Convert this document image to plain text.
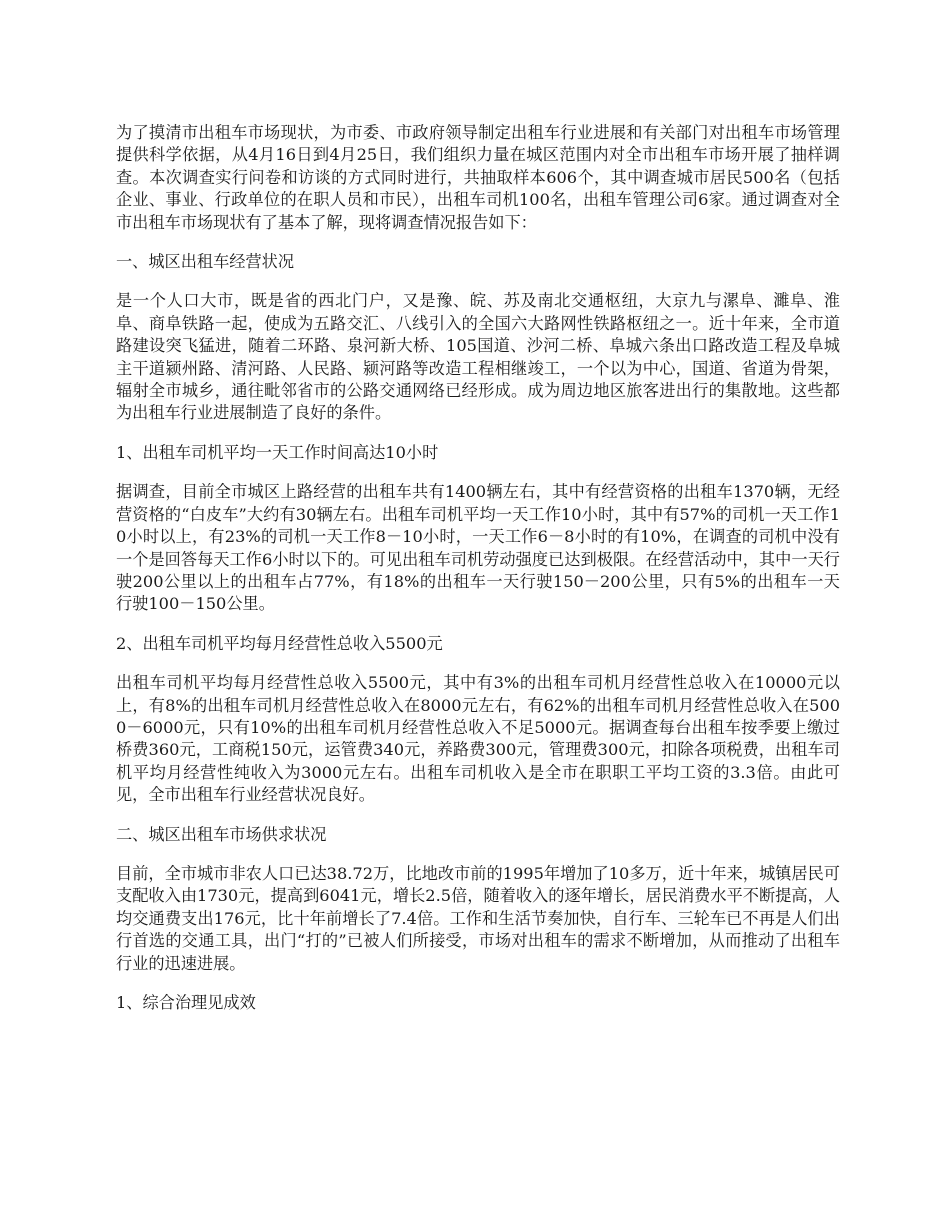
为了摸清市出租车市场现状，为市委、市政府领导制定出租车行业进展和有关部门对出租车市场管理提供科学依据，从4月16日到4月25日，我们组织力量在城区范围内对全市出租车市场开展了抽样调查。本次调查实行问卷和访谈的方式同时进行，共抽取样本606个，其中调查城市居民500名（包括企业、事业、行政单位的在职人员和市民），出租车司机100名，出租车管理公司6家。通过调查对全市出租车市场现状有了基本了解，现将调查情况报告如下：

一、城区出租车经营状况

是一个人口大市，既是省的西北门户，又是豫、皖、苏及南北交通枢纽，大京九与漯阜、濉阜、淮阜、商阜铁路一起，使成为五路交汇、八线引入的全国六大路网性铁路枢纽之一。近十年来，全市道路建设突飞猛进，随着二环路、泉河新大桥、105国道、沙河二桥、阜城六条出口路改造工程及阜城主干道颍州路、清河路、人民路、颍河路等改造工程相继竣工，一个以为中心，国道、省道为骨架，辐射全市城乡，通往毗邻省市的公路交通网络已经形成。成为周边地区旅客进出行的集散地。这些都为出租车行业进展制造了良好的条件。

1、出租车司机平均一天工作时间高达10小时

据调查，目前全市城区上路经营的出租车共有1400辆左右，其中有经营资格的出租车1370辆，无经营资格的“白皮车”大约有30辆左右。出租车司机平均一天工作10小时，其中有57%的司机一天工作10小时以上，有23%的司机一天工作8－10小时，一天工作6－8小时的有10%，在调查的司机中没有一个是回答每天工作6小时以下的。可见出租车司机劳动强度已达到极限。在经营活动中，其中一天行驶200公里以上的出租车占77%，有18%的出租车一天行驶150－200公里，只有5%的出租车一天行驶100－150公里。

2、出租车司机平均每月经营性总收入5500元

出租车司机平均每月经营性总收入5500元，其中有3%的出租车司机月经营性总收入在10000元以上，有8%的出租车司机月经营性总收入在8000元左右，有62%的出租车司机月经营性总收入在5000－6000元，只有10%的出租车司机月经营性总收入不足5000元。据调查每台出租车按季要上缴过桥费360元，工商税150元，运管费340元，养路费300元，管理费300元，扣除各项税费，出租车司机平均月经营性纯收入为3000元左右。出租车司机收入是全市在职职工平均工资的3.3倍。由此可见，全市出租车行业经营状况良好。

二、城区出租车市场供求状况

目前，全市城市非农人口已达38.72万，比地改市前的1995年增加了10多万，近十年来，城镇居民可支配收入由1730元，提高到6041元，增长2.5倍，随着收入的逐年增长，居民消费水平不断提高，人均交通费支出176元，比十年前增长了7.4倍。工作和生活节奏加快，自行车、三轮车已不再是人们出行首选的交通工具，出门“打的”已被人们所接受，市场对出租车的需求不断增加，从而推动了出租车行业的迅速进展。

1、综合治理见成效
